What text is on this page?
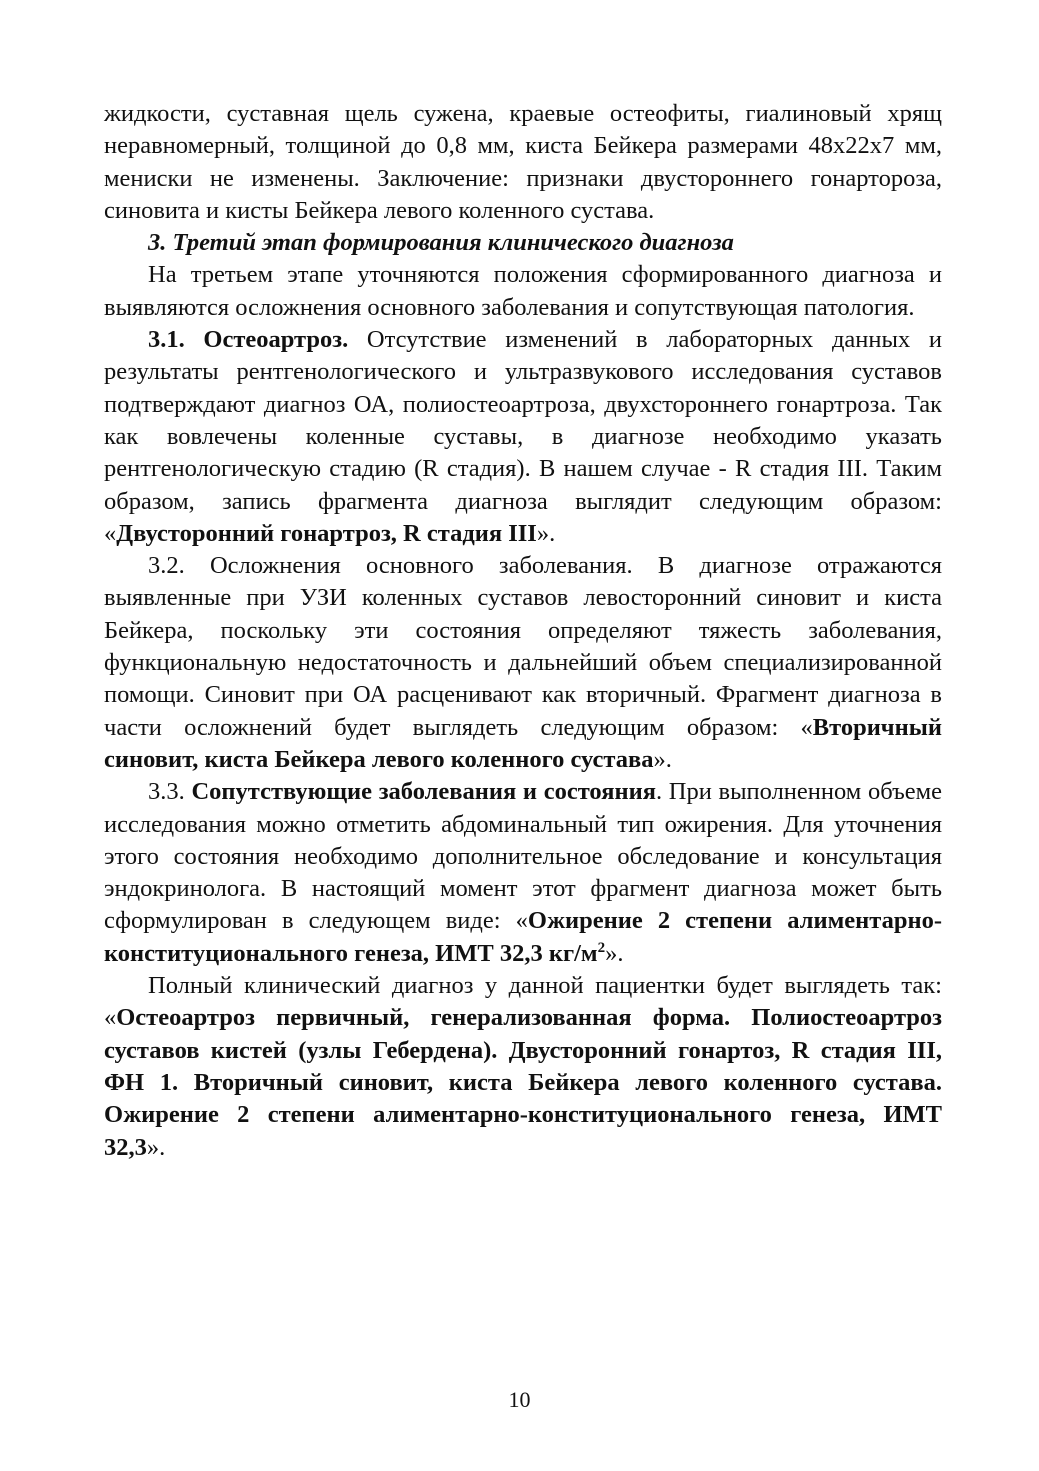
жидкости, суставная щель сужена, краевые остеофиты, гиалиновый хрящ неравномерный, толщиной до 0,8 мм, киста Бейкера размерами 48х22х7 мм, мениски не изменены. Заключение: признаки двустороннего гонартороза, синовита и кисты Бейкера левого коленного сустава.

3. Третий этап формирования клинического диагноза

На третьем этапе уточняются положения сформированного диагноза и выявляются осложнения основного заболевания и сопутствующая патология.

3.1. Остеоартроз. Отсутствие изменений в лабораторных данных и результаты рентгенологического и ультразвукового исследования суставов подтверждают диагноз ОА, полиостеоартроза, двухстороннего гонартроза. Так как вовлечены коленные суставы, в диагнозе необходимо указать рентгенологическую стадию (R стадия). В нашем случае - R стадия III. Таким образом, запись фрагмента диагноза выглядит следующим образом: «Двусторонний гонартроз, R стадия III».

3.2. Осложнения основного заболевания. В диагнозе отражаются выявленные при УЗИ коленных суставов левосторонний синовит и киста Бейкера, поскольку эти состояния определяют тяжесть заболевания, функциональную недостаточность и дальнейший объем специализированной помощи. Синовит при ОА расценивают как вторичный. Фрагмент диагноза в части осложнений будет выглядеть следующим образом: «Вторичный синовит, киста Бейкера левого коленного сустава».

3.3. Сопутствующие заболевания и состояния. При выполненном объеме исследования можно отметить абдоминальный тип ожирения. Для уточнения этого состояния необходимо дополнительное обследование и консультация эндокринолога. В настоящий момент этот фрагмент диагноза может быть сформулирован в следующем виде: «Ожирение 2 степени алиментарно-конституционального генеза, ИМТ 32,3 $кг/м^2$».

Полный клинический диагноз у данной пациентки будет выглядеть так: «Остеоартроз первичный, генерализованная форма. Полиостеоартроз суставов кистей (узлы Гебердена). Двусторонний гонартоз, R стадия III, ФН 1. Вторичный синовит, киста Бейкера левого коленного сустава. Ожирение 2 степени алиментарно-конституционального генеза, ИМТ 32,3».

10
